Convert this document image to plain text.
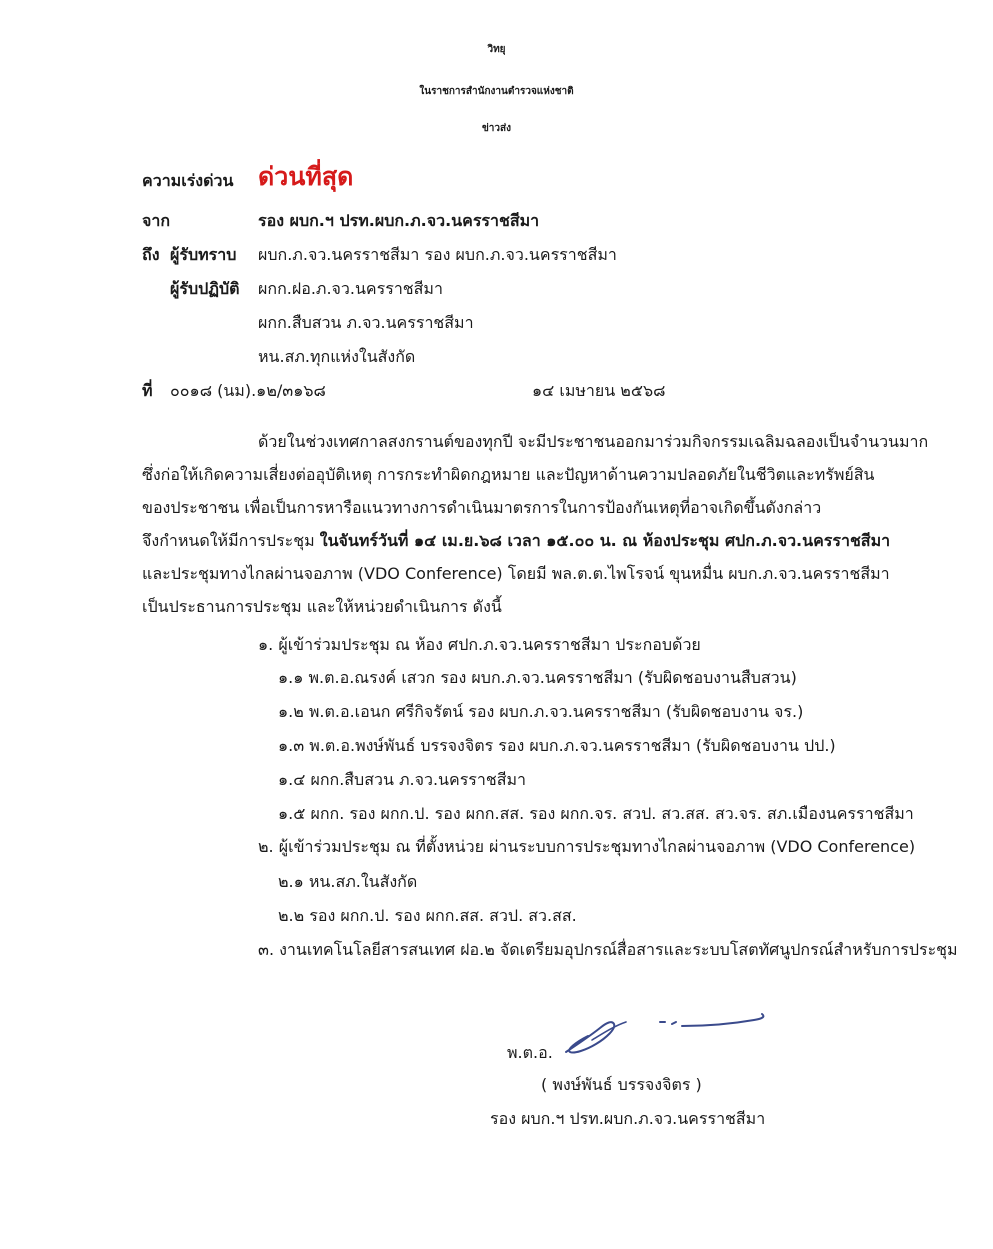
วิทยุ
ในราชการสำนักงานตำรวจแห่งชาติ
ข่าวส่ง
ความเร่งด่วน ด่วนที่สุด
จาก	รอง ผบก.ฯ ปรท.ผบก.ภ.จว.นครราชสีมา
ถึง ผู้รับทราบ ผบก.ภ.จว.นครราชสีมา รอง ผบก.ภ.จว.นครราชสีมา
ผู้รับปฏิบัติ ผกก.ฝอ.ภ.จว.นครราชสีมา
ผกก.สืบสวน ภ.จว.นครราชสีมา
หน.สภ.ทุกแห่งในสังกัด
ที่ ๐๐๑๘ (นม).๑๒/๓๑๖๘	๑๔ เมษายน ๒๕๖๘
ด้วยในช่วงเทศกาลสงกรานต์ของทุกปี จะมีประชาชนออกมาร่วมกิจกรรมเฉลิมฉลองเป็นจำนวนมาก
ซึ่งก่อให้เกิดความเสี่ยงต่ออุบัติเหตุ การกระทำผิดกฎหมาย และปัญหาด้านความปลอดภัยในชีวิตและทรัพย์สิน
ของประชาชน เพื่อเป็นการหารือแนวทางการดำเนินมาตรการในการป้องกันเหตุที่อาจเกิดขึ้นดังกล่าว
จึงกำหนดให้มีการประชุม ในจันทร์วันที่ ๑๔ เม.ย.๖๘ เวลา ๑๕.๐๐ น. ณ ห้องประชุม ศปก.ภ.จว.นครราชสีมา
และประชุมทางไกลผ่านจอภาพ (VDO Conference) โดยมี พล.ต.ต.ไพโรจน์ ขุนหมื่น ผบก.ภ.จว.นครราชสีมา
เป็นประธานการประชุม และให้หน่วยดำเนินการ ดังนี้
๑. ผู้เข้าร่วมประชุม ณ ห้อง ศปก.ภ.จว.นครราชสีมา ประกอบด้วย
๑.๑ พ.ต.อ.ณรงค์ เสวก รอง ผบก.ภ.จว.นครราชสีมา (รับผิดชอบงานสืบสวน)
๑.๒ พ.ต.อ.เอนก ศรีกิจรัตน์ รอง ผบก.ภ.จว.นครราชสีมา (รับผิดชอบงาน จร.)
๑.๓ พ.ต.อ.พงษ์พันธ์ บรรจงจิตร รอง ผบก.ภ.จว.นครราชสีมา (รับผิดชอบงาน ปป.)
๑.๔ ผกก.สืบสวน ภ.จว.นครราชสีมา
๑.๕ ผกก. รอง ผกก.ป. รอง ผกก.สส. รอง ผกก.จร. สวป. สว.สส. สว.จร. สภ.เมืองนครราชสีมา
๒. ผู้เข้าร่วมประชุม ณ ที่ตั้งหน่วย ผ่านระบบการประชุมทางไกลผ่านจอภาพ (VDO Conference)
๒.๑ หน.สภ.ในสังกัด
๒.๒ รอง ผกก.ป. รอง ผกก.สส. สวป. สว.สส.
๓. งานเทคโนโลยีสารสนเทศ ฝอ.๒ จัดเตรียมอุปกรณ์สื่อสารและระบบโสตทัศนูปกรณ์สำหรับการประชุม
พ.ต.อ.
( พงษ์พันธ์ บรรจงจิตร )
รอง ผบก.ฯ ปรท.ผบก.ภ.จว.นครราชสีมา
